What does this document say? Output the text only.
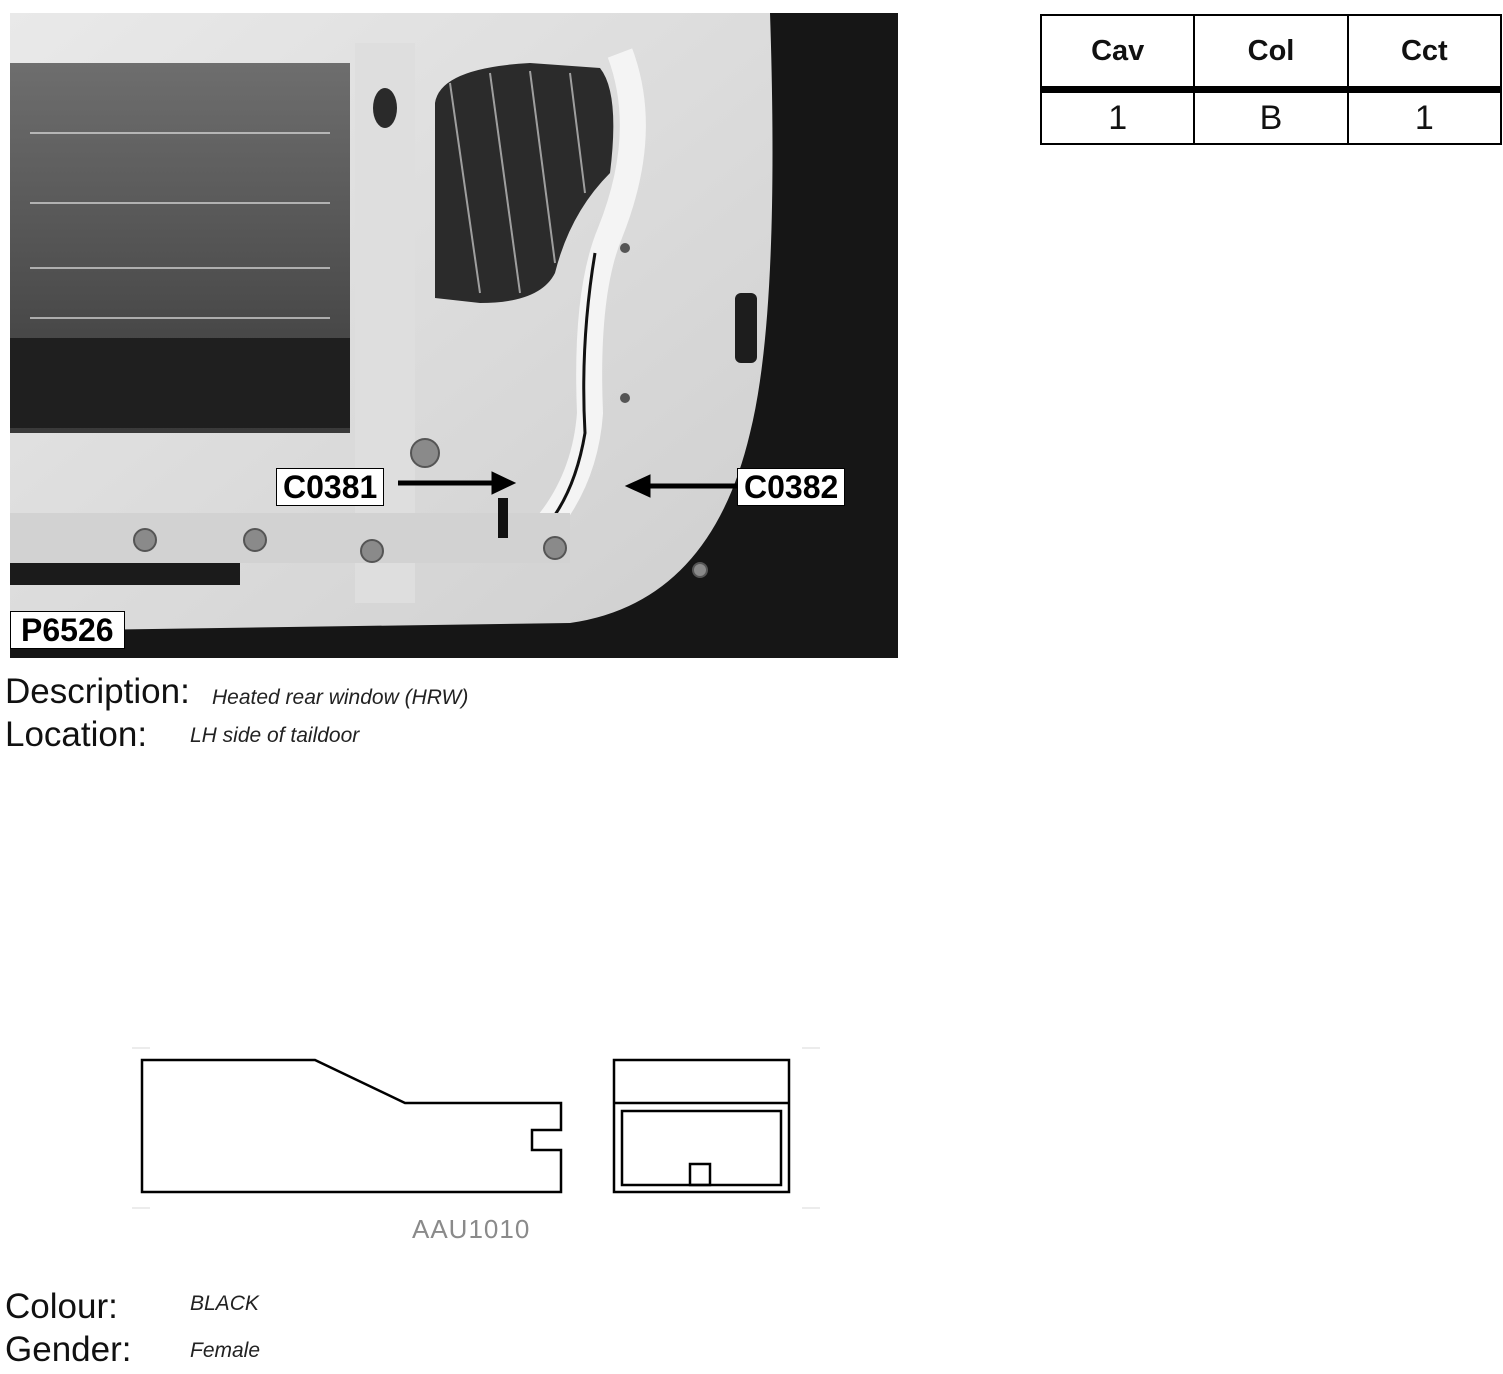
C0381	C0382
P6526
Cav	Col	Cct
1	B	1
Description: Heated rear window (HRW)
Location: LH side of taildoor
AAU1010
Colour:	BLACK
Gender:	Female
